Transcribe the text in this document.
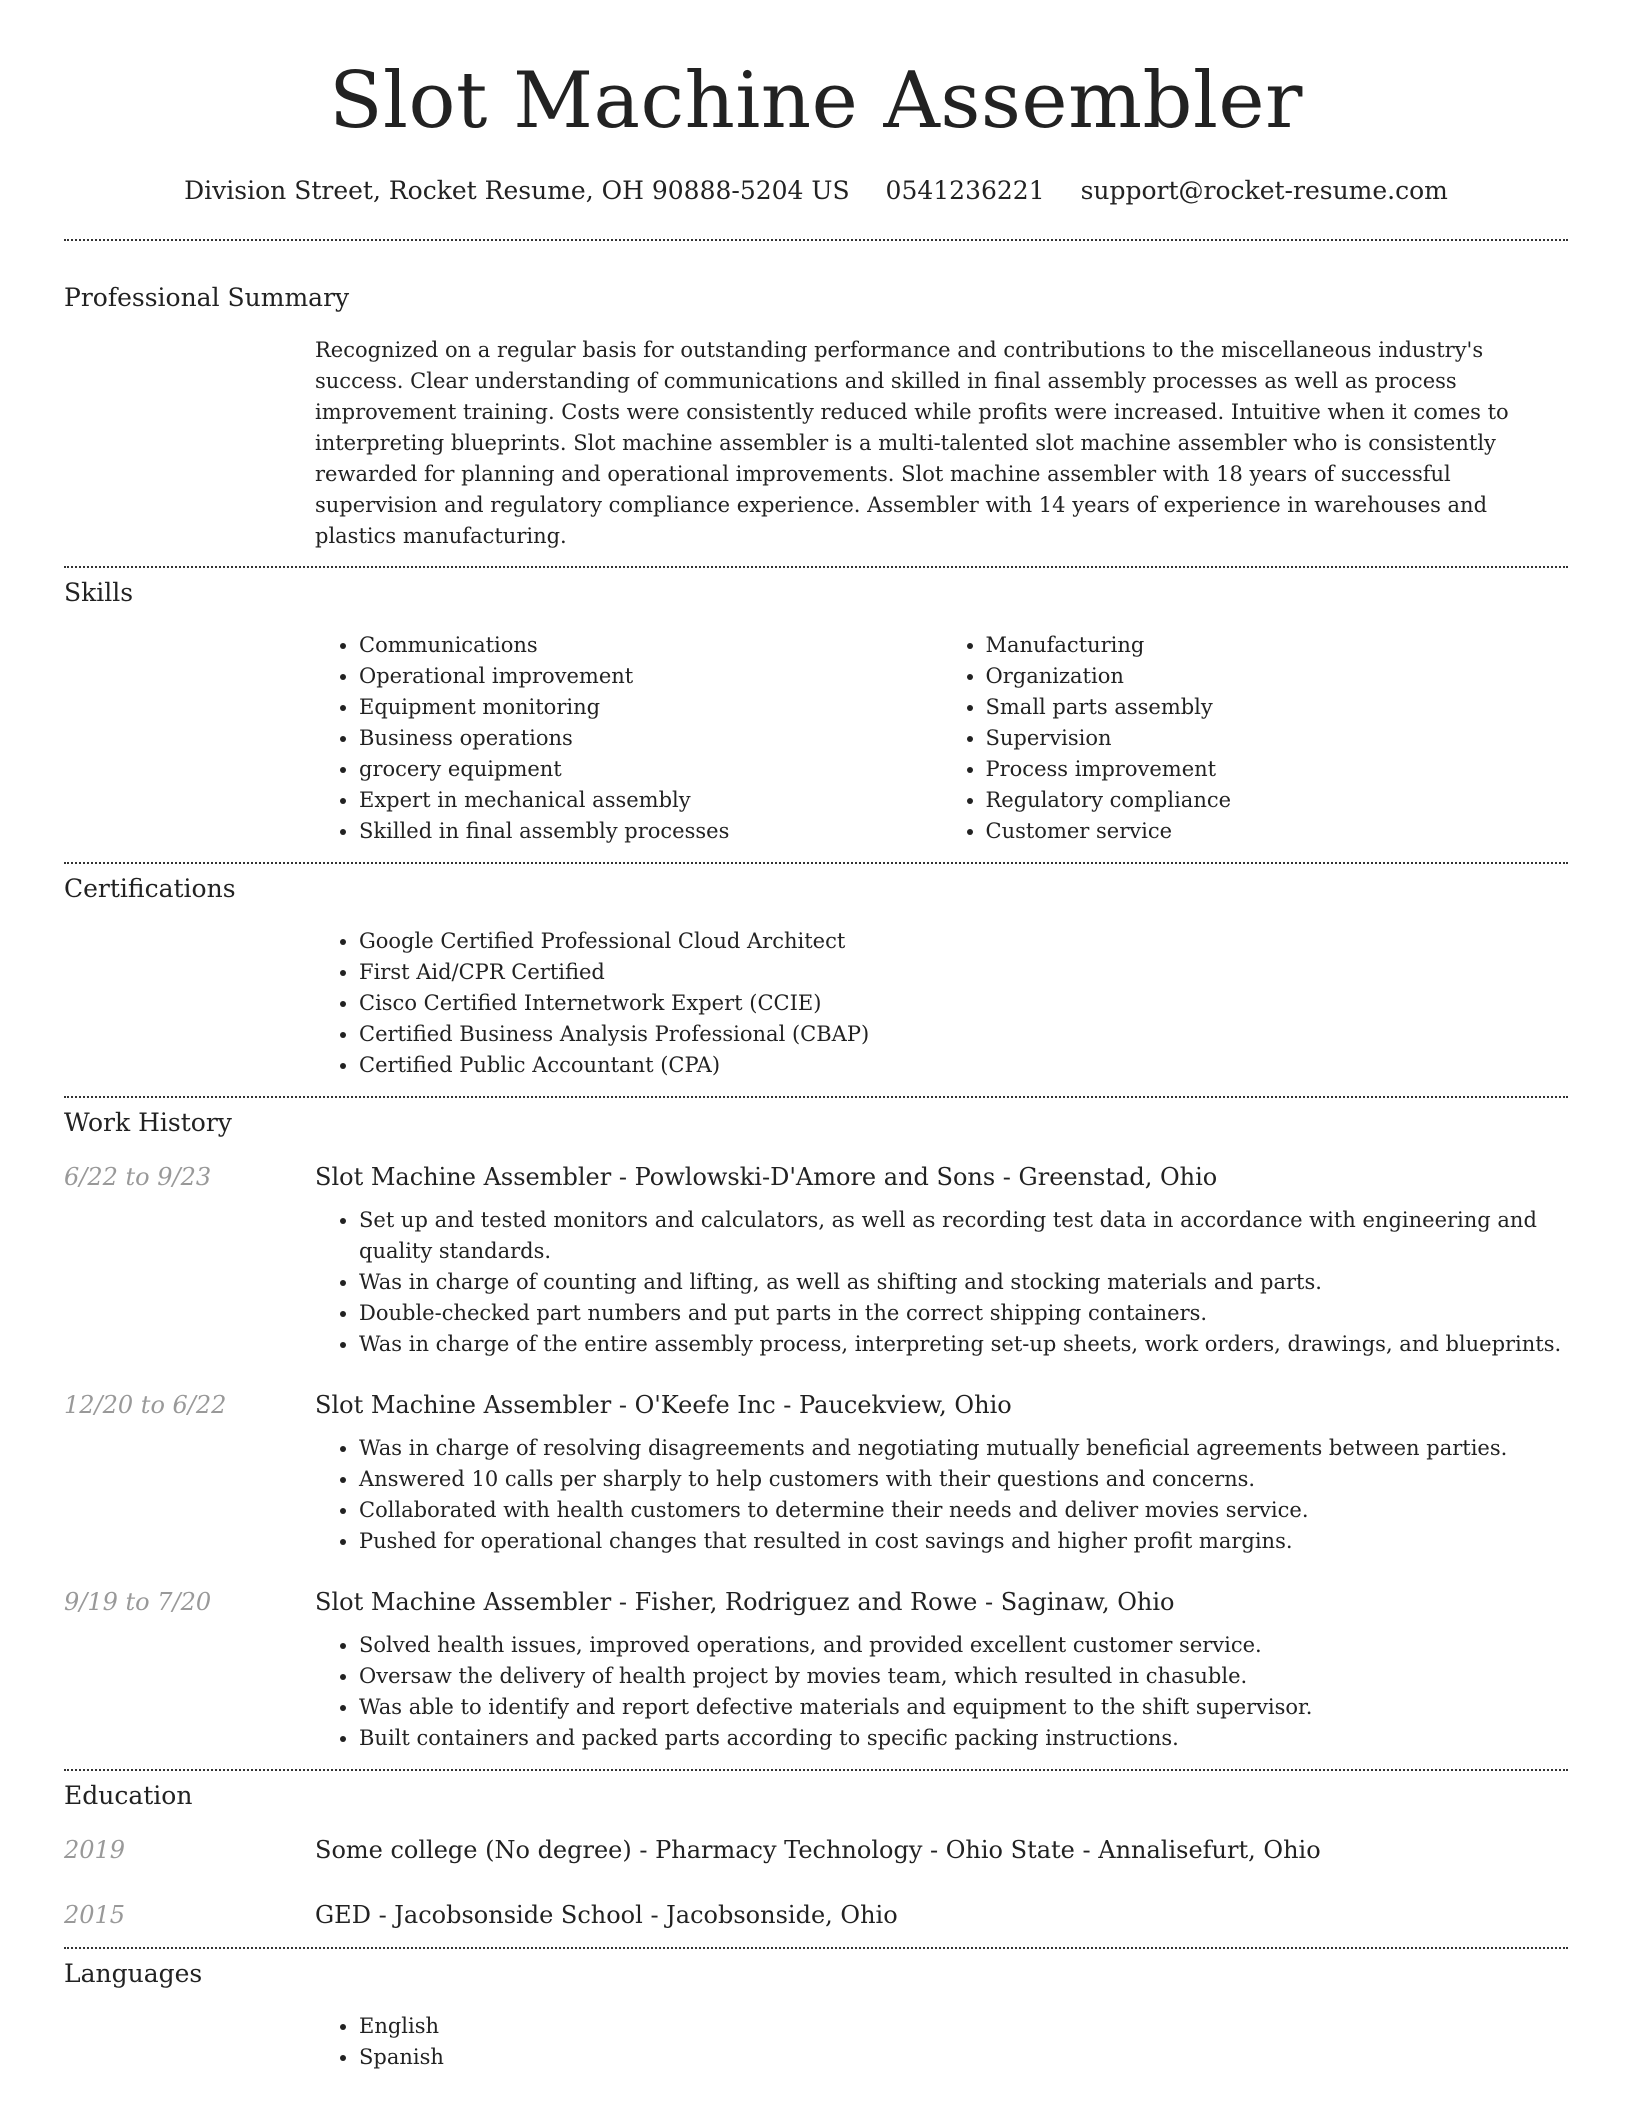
Slot Machine Assembler
Division Street, Rocket Resume, OH 90888-5204 US 0541236221 support@rocket-resume.com
Professional Summary
Recognized on a regular basis for outstanding performance and contributions to the miscellaneous industry's success. Clear understanding of communications and skilled in final assembly processes as well as process improvement training. Costs were consistently reduced while profits were increased. Intuitive when it comes to interpreting blueprints. Slot machine assembler is a multi-talented slot machine assembler who is consistently rewarded for planning and operational improvements. Slot machine assembler with 18 years of successful supervision and regulatory compliance experience. Assembler with 14 years of experience in warehouses and plastics manufacturing.
Skills
• Communications
• Operational improvement
• Equipment monitoring
• Business operations
• grocery equipment
• Expert in mechanical assembly
• Skilled in final assembly processes
• Manufacturing
• Organization
• Small parts assembly
• Supervision
• Process improvement
• Regulatory compliance
• Customer service
Certifications
• Google Certified Professional Cloud Architect
• First Aid/CPR Certified
• Cisco Certified Internetwork Expert (CCIE)
• Certified Business Analysis Professional (CBAP)
• Certified Public Accountant (CPA)
Work History
6/22 to 9/23	Slot Machine Assembler - Powlowski-D'Amore and Sons - Greenstad, Ohio
• Set up and tested monitors and calculators, as well as recording test data in accordance with engineering and quality standards.
• Was in charge of counting and lifting, as well as shifting and stocking materials and parts.
• Double-checked part numbers and put parts in the correct shipping containers.
• Was in charge of the entire assembly process, interpreting set-up sheets, work orders, drawings, and blueprints.
12/20 to 6/22	Slot Machine Assembler - O'Keefe Inc - Paucekview, Ohio
• Was in charge of resolving disagreements and negotiating mutually beneficial agreements between parties.
• Answered 10 calls per sharply to help customers with their questions and concerns.
• Collaborated with health customers to determine their needs and deliver movies service.
• Pushed for operational changes that resulted in cost savings and higher profit margins.
9/19 to 7/20	Slot Machine Assembler - Fisher, Rodriguez and Rowe - Saginaw, Ohio
• Solved health issues, improved operations, and provided excellent customer service.
• Oversaw the delivery of health project by movies team, which resulted in chasuble.
• Was able to identify and report defective materials and equipment to the shift supervisor.
• Built containers and packed parts according to specific packing instructions.
Education
2019	Some college (No degree) - Pharmacy Technology - Ohio State - Annalisefurt, Ohio
2015	GED - Jacobsonside School - Jacobsonside, Ohio
Languages
• English
• Spanish
